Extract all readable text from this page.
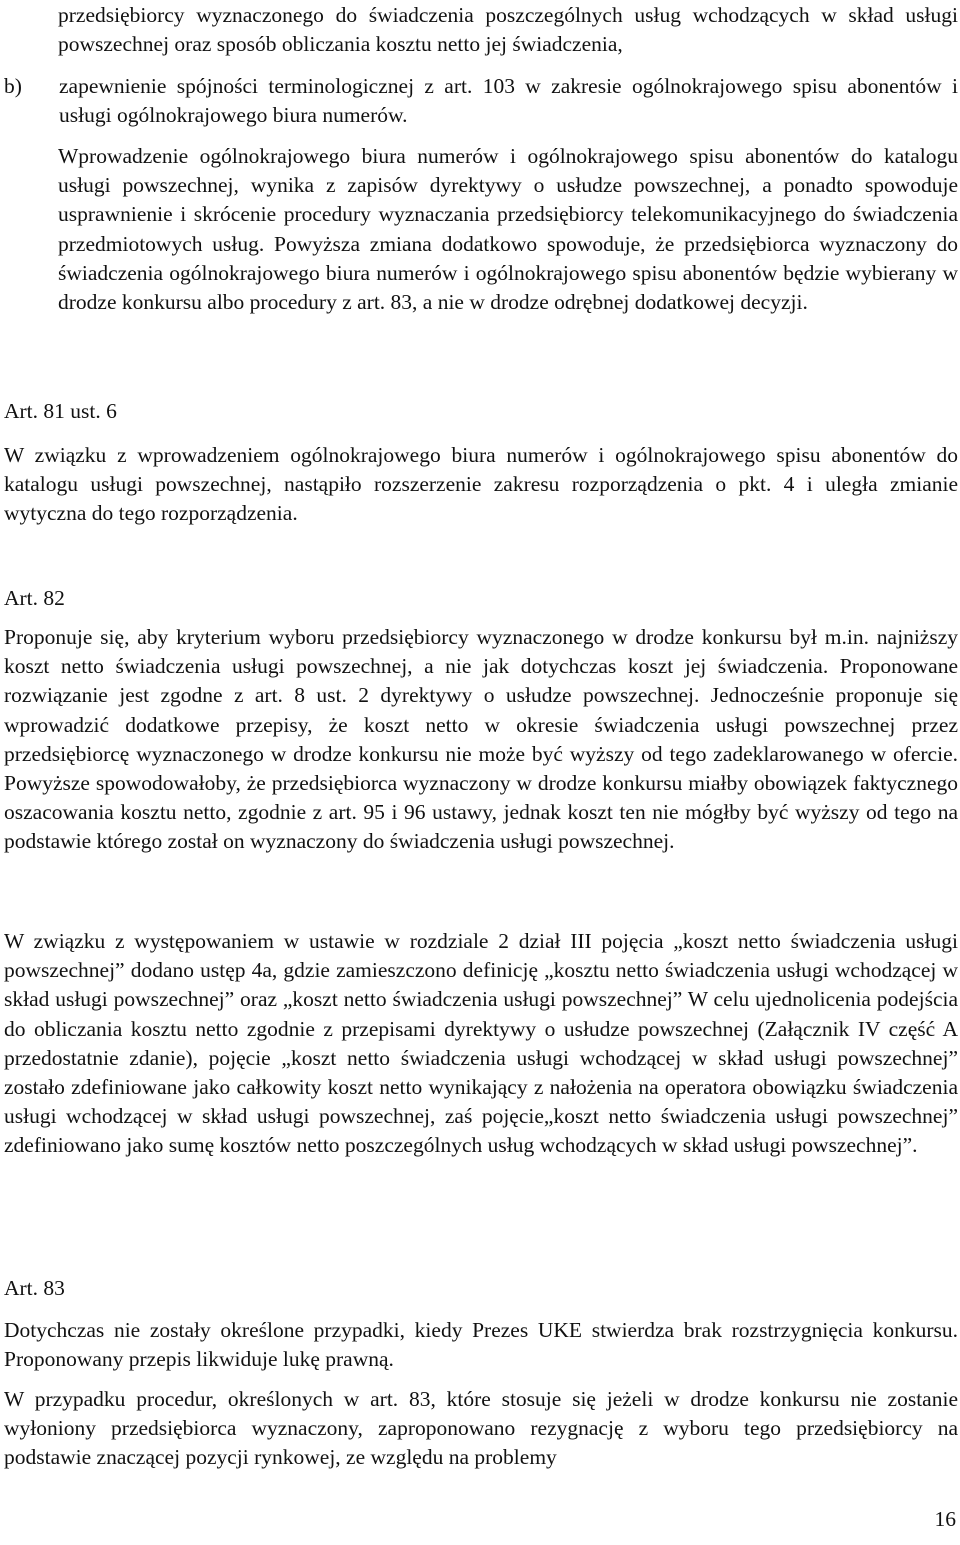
przedsiębiorcy wyznaczonego do świadczenia poszczególnych usług wchodzących w skład usługi powszechnej oraz sposób obliczania kosztu netto jej świadczenia,

b) zapewnienie spójności terminologicznej z art. 103 w zakresie ogólnokrajowego spisu abonentów i usługi ogólnokrajowego biura numerów.

Wprowadzenie ogólnokrajowego biura numerów i ogólnokrajowego spisu abonentów do katalogu usługi powszechnej, wynika z zapisów dyrektywy o usłudze powszechnej, a ponadto spowoduje usprawnienie i skrócenie procedury wyznaczania przedsiębiorcy telekomunikacyjnego do świadczenia przedmiotowych usług. Powyższa zmiana dodatkowo spowoduje, że przedsiębiorca wyznaczony do świadczenia ogólnokrajowego biura numerów i ogólnokrajowego spisu abonentów będzie wybierany w drodze konkursu albo procedury z art. 83, a nie w drodze odrębnej dodatkowej decyzji.

Art. 81 ust. 6

W związku z wprowadzeniem ogólnokrajowego biura numerów i ogólnokrajowego spisu abonentów do katalogu usługi powszechnej, nastąpiło rozszerzenie zakresu rozporządzenia o pkt. 4 i uległa zmianie wytyczna do tego rozporządzenia.

Art. 82

Proponuje się, aby kryterium wyboru przedsiębiorcy wyznaczonego w drodze konkursu był m.in. najniższy koszt netto świadczenia usługi powszechnej, a nie jak dotychczas koszt jej świadczenia. Proponowane rozwiązanie jest zgodne z art. 8 ust. 2 dyrektywy o usłudze powszechnej. Jednocześnie proponuje się wprowadzić dodatkowe przepisy, że koszt netto w okresie świadczenia usługi powszechnej przez przedsiębiorcę wyznaczonego w drodze konkursu nie może być wyższy od tego zadeklarowanego w ofercie. Powyższe spowodowałoby, że przedsiębiorca wyznaczony w drodze konkursu miałby obowiązek faktycznego oszacowania kosztu netto, zgodnie z art. 95 i 96 ustawy, jednak koszt ten nie mógłby być wyższy od tego na podstawie którego został on wyznaczony do świadczenia usługi powszechnej.

W związku z występowaniem w ustawie w rozdziale 2 dział III pojęcia „koszt netto świadczenia usługi powszechnej” dodano ustęp 4a, gdzie zamieszczono definicję „kosztu netto świadczenia usługi wchodzącej w skład usługi powszechnej” oraz „koszt netto świadczenia usługi powszechnej” W celu ujednolicenia podejścia do obliczania kosztu netto zgodnie z przepisami dyrektywy o usłudze powszechnej (Załącznik IV część A przedostatnie zdanie), pojęcie „koszt netto świadczenia usługi wchodzącej w skład usługi powszechnej” zostało zdefiniowane jako całkowity koszt netto wynikający z nałożenia na operatora obowiązku świadczenia usługi wchodzącej w skład usługi powszechnej, zaś pojęcie„koszt netto świadczenia usługi powszechnej” zdefiniowano jako sumę kosztów netto poszczególnych usług wchodzących w skład usługi powszechnej”.

Art. 83

Dotychczas nie zostały określone przypadki, kiedy Prezes UKE stwierdza brak rozstrzygnięcia konkursu. Proponowany przepis likwiduje lukę prawną.

W przypadku procedur, określonych w art. 83, które stosuje się jeżeli w drodze konkursu nie zostanie wyłoniony przedsiębiorca wyznaczony, zaproponowano rezygnację z wyboru tego przedsiębiorcy na podstawie znaczącej pozycji rynkowej, ze względu na problemy

16
